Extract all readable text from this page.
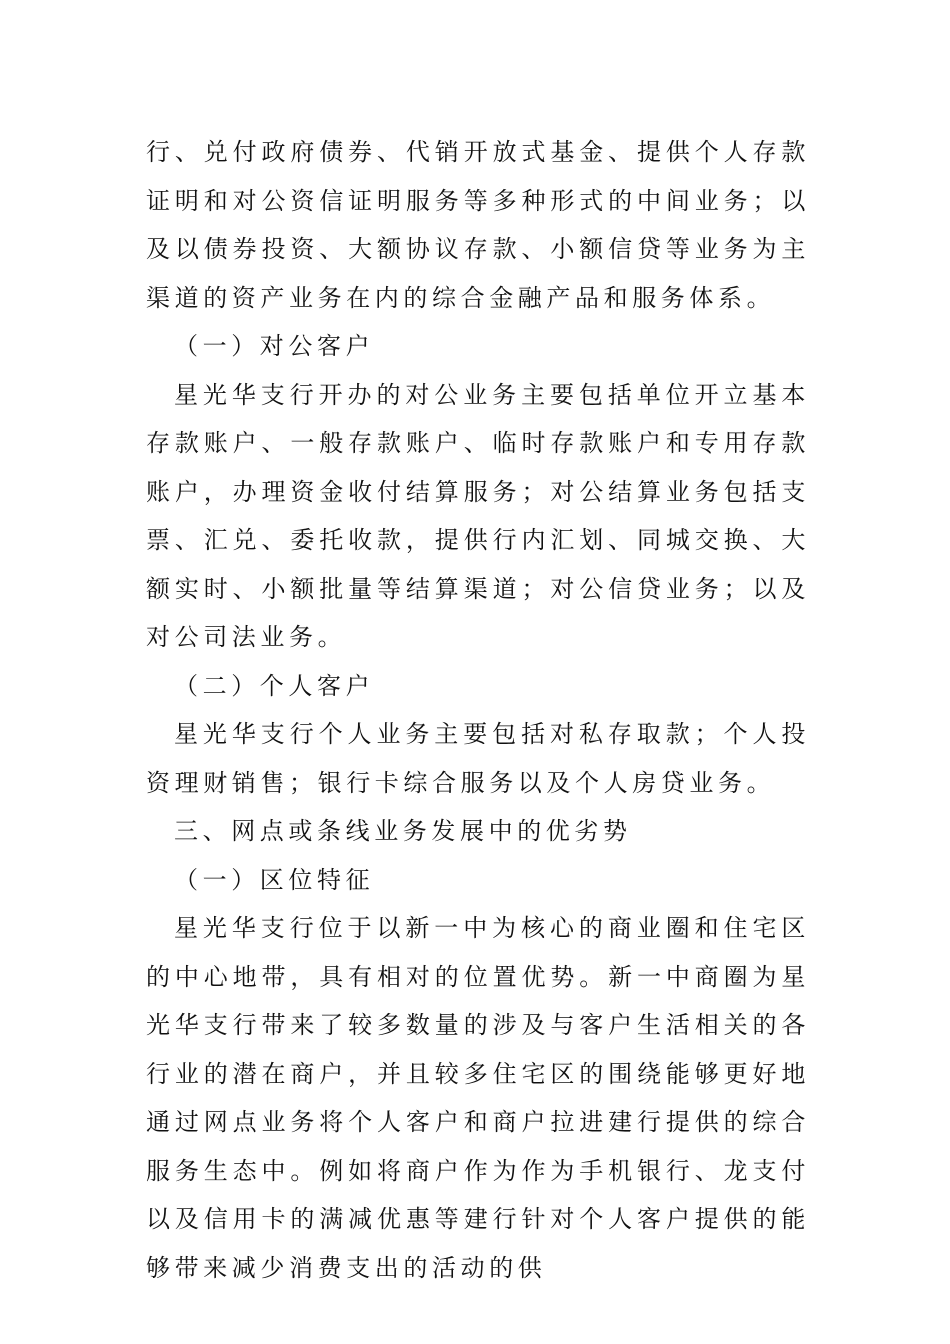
行、兑付政府债券、代销开放式基金、提供个人存款证明和对公资信证明服务等多种形式的中间业务；以及以债券投资、大额协议存款、小额信贷等业务为主渠道的资产业务在内的综合金融产品和服务体系。

（一）对公客户

星光华支行开办的对公业务主要包括单位开立基本存款账户、一般存款账户、临时存款账户和专用存款账户，办理资金收付结算服务；对公结算业务包括支票、汇兑、委托收款，提供行内汇划、同城交换、大额实时、小额批量等结算渠道；对公信贷业务；以及对公司法业务。

（二）个人客户

星光华支行个人业务主要包括对私存取款；个人投资理财销售；银行卡综合服务以及个人房贷业务。

三、网点或条线业务发展中的优劣势

（一）区位特征

星光华支行位于以新一中为核心的商业圈和住宅区的中心地带，具有相对的位置优势。新一中商圈为星光华支行带来了较多数量的涉及与客户生活相关的各行业的潜在商户，并且较多住宅区的围绕能够更好地通过网点业务将个人客户和商户拉进建行提供的综合服务生态中。例如将商户作为作为手机银行、龙支付以及信用卡的满减优惠等建行针对个人客户提供的能够带来减少消费支出的活动的供
